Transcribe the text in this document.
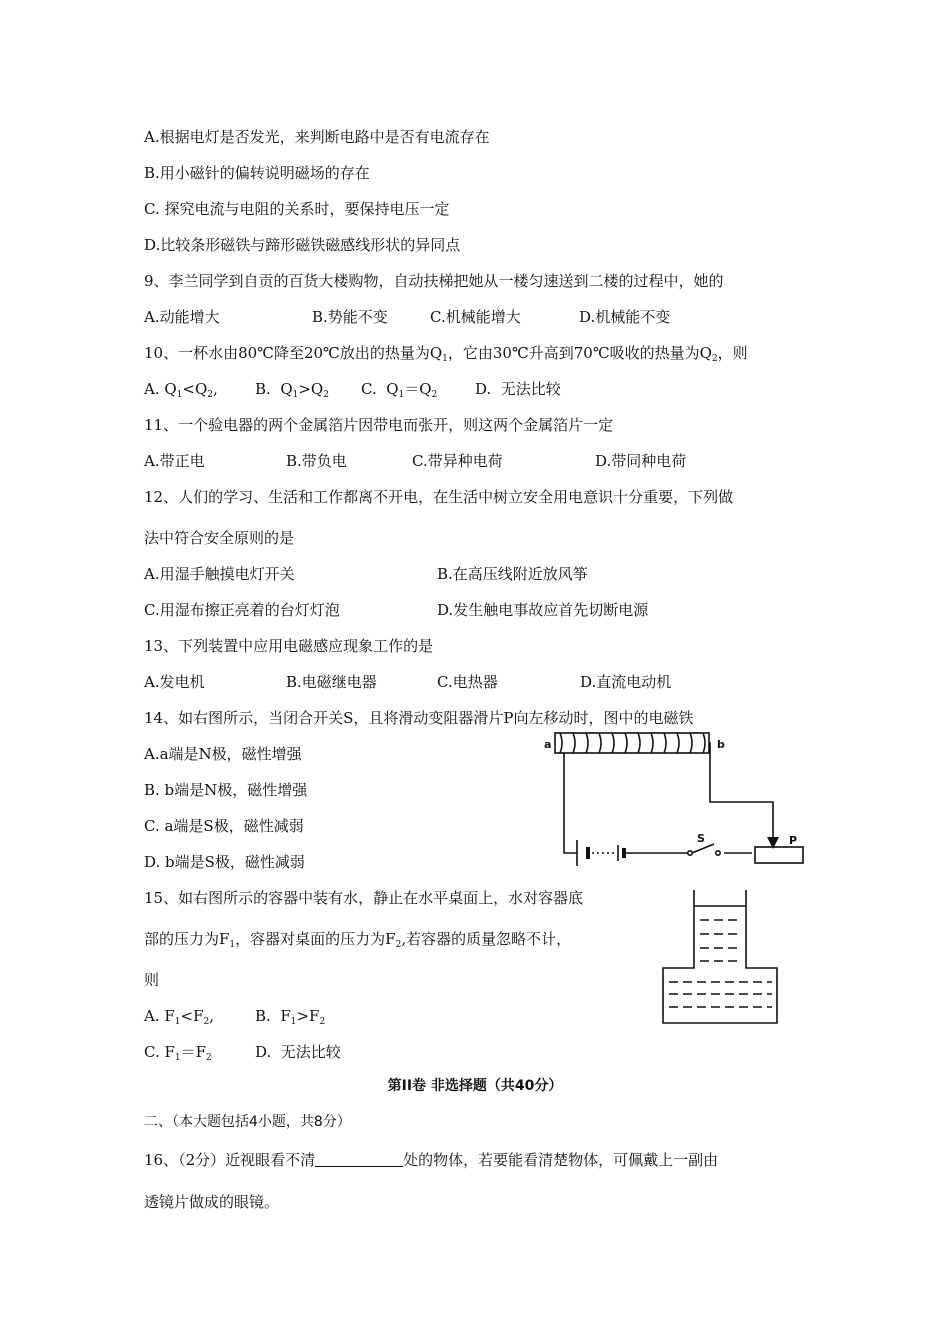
A.根据电灯是否发光，来判断电路中是否有电流存在
B.用小磁针的偏转说明磁场的存在
C. 探究电流与电阻的关系时，要保持电压一定
D.比较条形磁铁与蹄形磁铁磁感线形状的异同点
9、李兰同学到自贡的百货大楼购物，自动扶梯把她从一楼匀速送到二楼的过程中，她的
A.动能增大	B.势能不变	C.机械能增大	D.机械能不变
10、一杯水由80℃降至20℃放出的热量为$Q_1$，它由30℃升高到70℃吸收的热量为$Q_2$，则
A. $Q_1<Q_2$, B.  $Q_1>Q_2$ C.  $Q_1=Q_2$	D.  无法比较
11、一个验电器的两个金属箔片因带电而张开，则这两个金属箔片一定
A.带正电	B.带负电	C.带异种电荷	D.带同种电荷
12、人们的学习、生活和工作都离不开电，在生活中树立安全用电意识十分重要，下列做
法中符合安全原则的是
A.用湿手触摸电灯开关	B.在高压线附近放风筝
C.用湿布擦正亮着的台灯灯泡	D.发生触电事故应首先切断电源
13、下列装置中应用电磁感应现象工作的是
A.发电机	B.电磁继电器	C.电热器	D.直流电动机
14、如右图所示，当闭合开关S，且将滑动变阻器滑片P向左移动时，图中的电磁铁
A.a端是N极，磁性增强
B. b端是N极，磁性增强
C. a端是S极，磁性减弱
D. b端是S极，磁性减弱
a	b
S	P
15、如右图所示的容器中装有水，静止在水平桌面上，水对容器底
部的压力为$F_1$，容器对桌面的压力为$F_2$,若容器的质量忽略不计，
则
A. $F_1<F_2$,	B.  $F_1>F_2$
C. $F_1=F_2$	D.  无法比较
第II卷 非选择题（共40分）
二、（本大题包括4小题，共8分）
16、（2分）近视眼看不清	处的物体，若要能看清楚物体，可佩戴上一副由
透镜片做成的眼镜。
